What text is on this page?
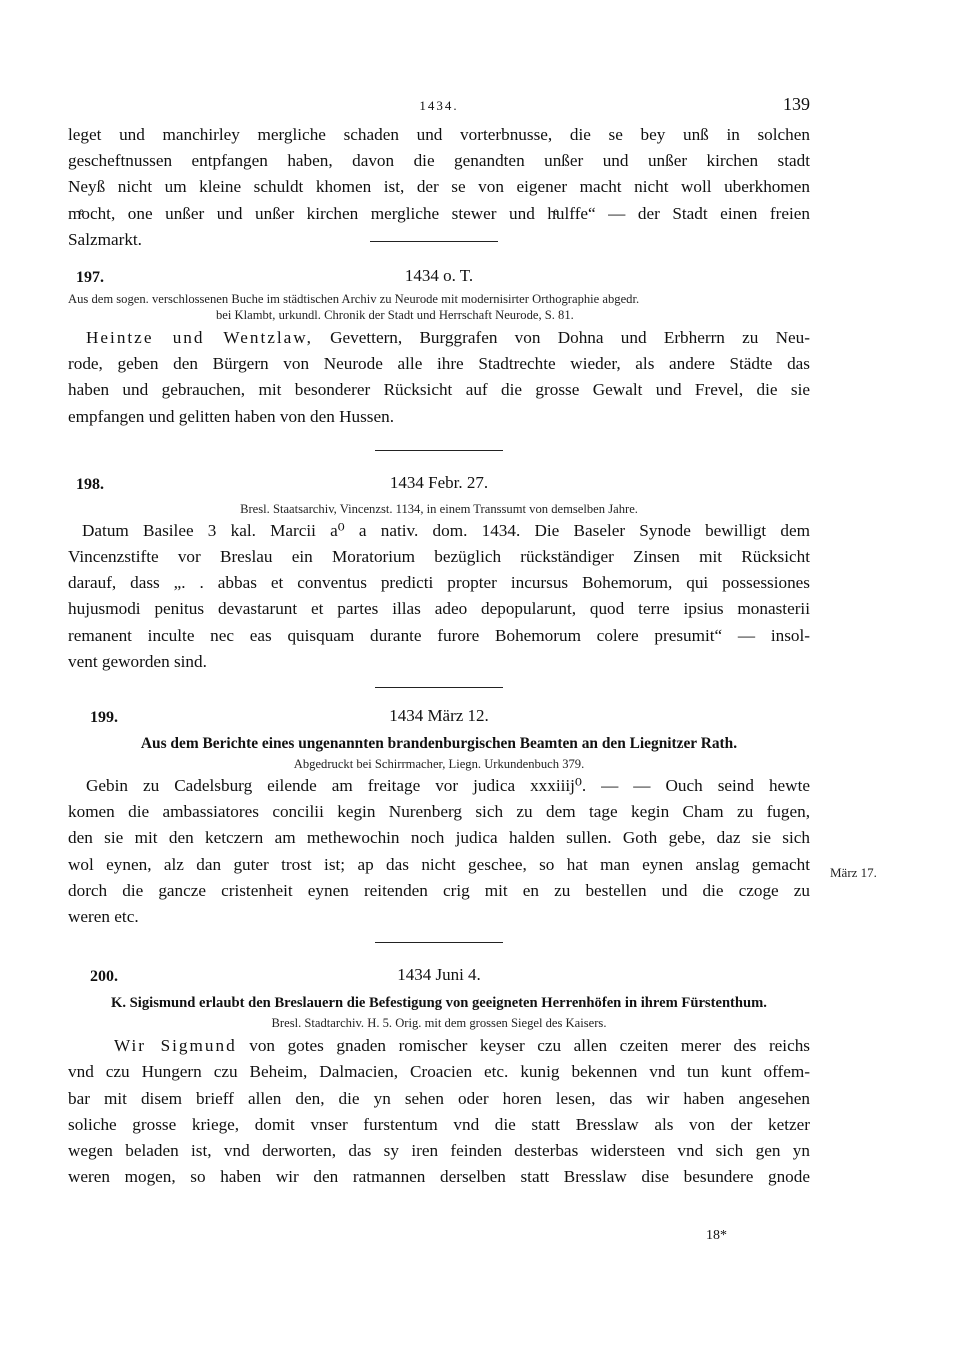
1434.	139
leget und manchirley mergliche schaden und vorterbnusse, die se bey unß in solchen
gescheftnussen entpfangen haben, davon die genandten unßer und unßer kirchen stadt
Neyß nicht um kleine schuldt khomen ist, der se von eigener macht nicht woll uberkhomen
mͤocht, one unßer und unßer kirchen mergliche stewer und hͤulffe“ — der Stadt einen freien
Salzmarkt.
197.	1434 o. T.
Aus dem sogen. verschlossenen Buche im städtischen Archiv zu Neurode mit modernisirter Orthographie abgedr.
bei Klambt, urkundl. Chronik der Stadt und Herrschaft Neurode, S. 81.
Heintze und Wentzlaw, Gevettern, Burggrafen von Dohna und Erbherrn zu Neu-
rode, geben den Bürgern von Neurode alle ihre Stadtrechte wieder, als andere Städte das
haben und gebrauchen, mit besonderer Rücksicht auf die grosse Gewalt und Frevel, die sie
empfangen und gelitten haben von den Hussen.
198.	1434 Febr. 27.
Bresl. Staatsarchiv, Vincenzst. 1134, in einem Transsumt von demselben Jahre.
Datum Basilee 3 kal. Marcii a⁰ a nativ. dom. 1434. Die Baseler Synode bewilligt dem
Vincenzstifte vor Breslau ein Moratorium bezüglich rückständiger Zinsen mit Rücksicht
darauf, dass „. . abbas et conventus predicti propter incursus Bohemorum, qui possessiones
hujusmodi penitus devastarunt et partes illas adeo depopularunt, quod terre ipsius monasterii
remanent inculte nec eas quisquam durante furore Bohemorum colere presumit“ — insol-
vent geworden sind.
199.	1434 März 12.
Aus dem Berichte eines ungenannten brandenburgischen Beamten an den Liegnitzer Rath.
Abgedruckt bei Schirrmacher, Liegn. Urkundenbuch 379.
Gebin zu Cadelsburg eilende am freitage vor judica xxxiiij⁰. — — Ouch seind hewte
komen die ambassiatores concilii kegin Nurenberg sich zu dem tage kegin Cham zu fugen,
den sie mit den ketczern am methewochin noch judica halden sullen. Goth gebe, daz sie sich
wol eynen, alz dan guter trost ist; ap das nicht geschee, so hat man eynen anslag gemacht
dorch die gancze cristenheit eynen reitenden crig mit en zu bestellen und die czoge zu
weren etc.
200.	1434 Juni 4.
K. Sigismund erlaubt den Breslauern die Befestigung von geeigneten Herrenhöfen in ihrem Fürstenthum.
Bresl. Stadtarchiv. H. 5. Orig. mit dem grossen Siegel des Kaisers.
Wir Sigmund von gotes gnaden romischer keyser czu allen czeiten merer des reichs
vnd czu Hungern czu Beheim, Dalmacien, Croacien etc. kunig bekennen vnd tun kunt offem-
bar mit disem brieff allen den, die yn sehen oder horen lesen, das wir haben angesehen
soliche grosse kriege, domit vnser furstentum vnd die statt Bresslaw als von der ketzer
wegen beladen ist, vnd derworten, das sy iren feinden desterbas widersteen vnd sich gen yn
weren mogen, so haben wir den ratmannen derselben statt Bresslaw dise besundere gnode
März 17.
18*
